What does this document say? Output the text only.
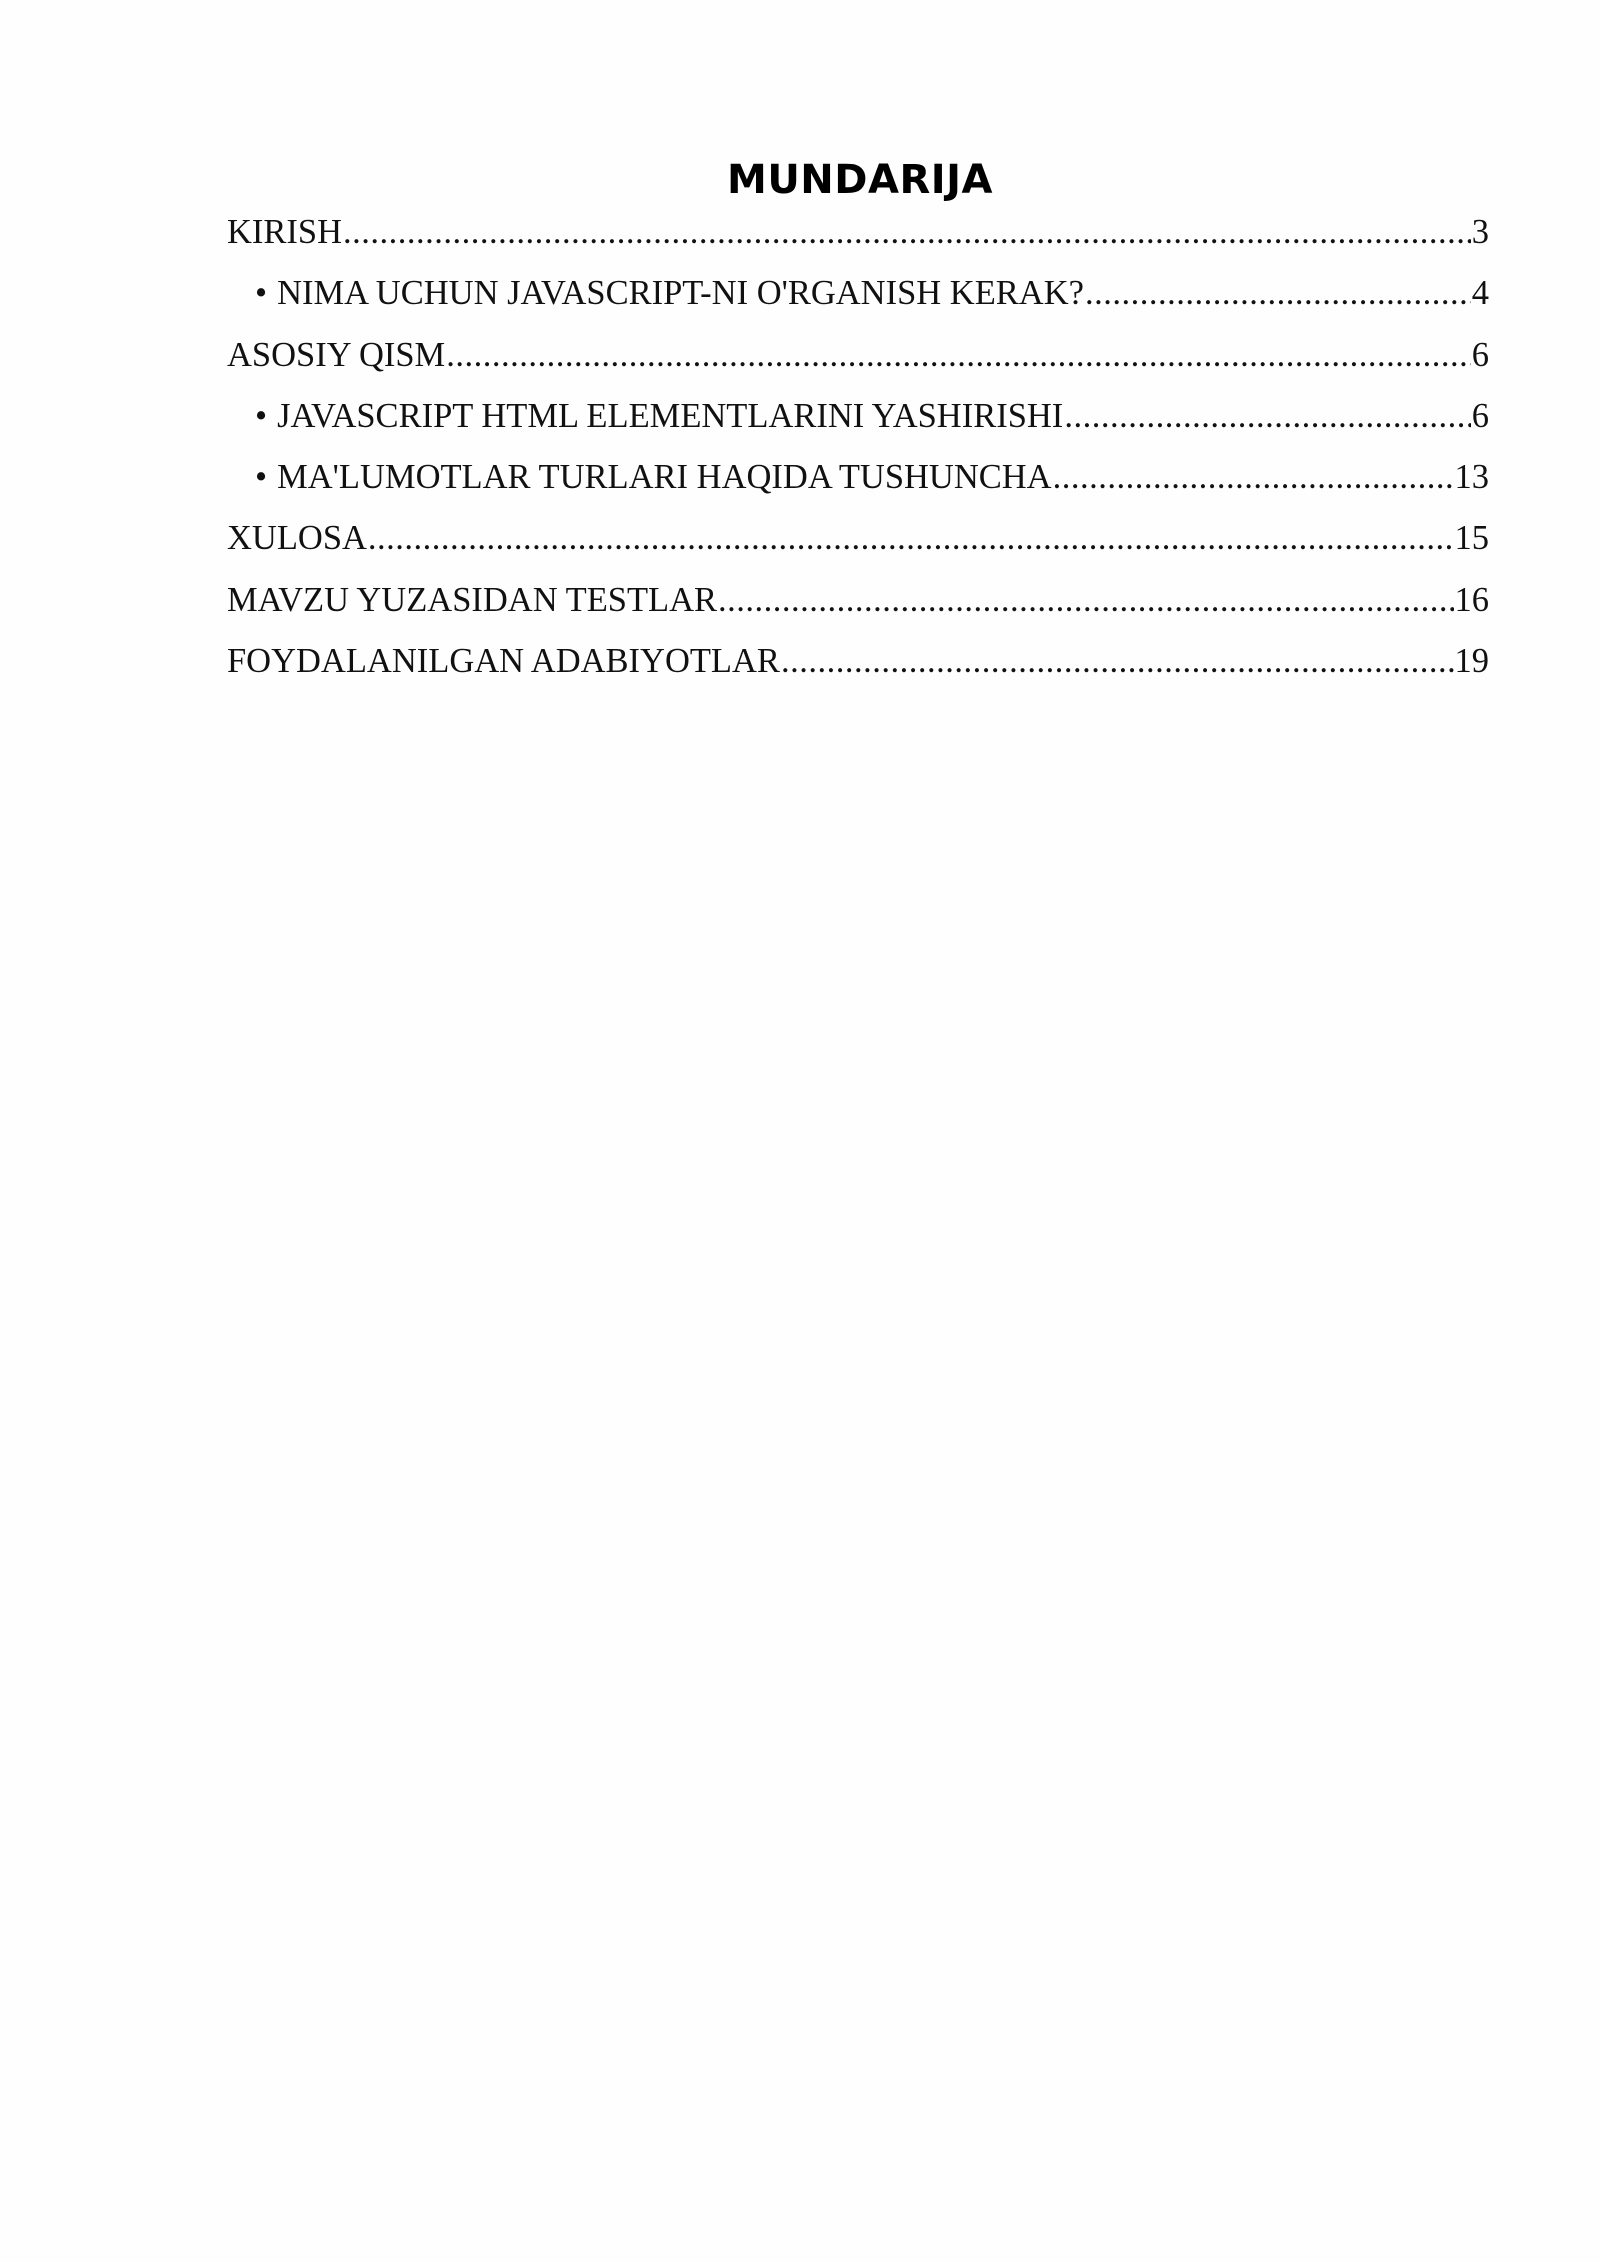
MUNDARIJA
KIRISH .....	3
• NIMA UCHUN JAVASCRIPT-NI O'RGANISH KERAK? .....	4
ASOSIY QISM .....	6
• JAVASCRIPT HTML ELEMENTLARINI YASHIRISHI .....	6
• MA'LUMOTLAR TURLARI HAQIDA TUSHUNCHA .....	13
XULOSA .....	15
MAVZU YUZASIDAN TESTLAR .....	16
FOYDALANILGAN ADABIYOTLAR .....	19
